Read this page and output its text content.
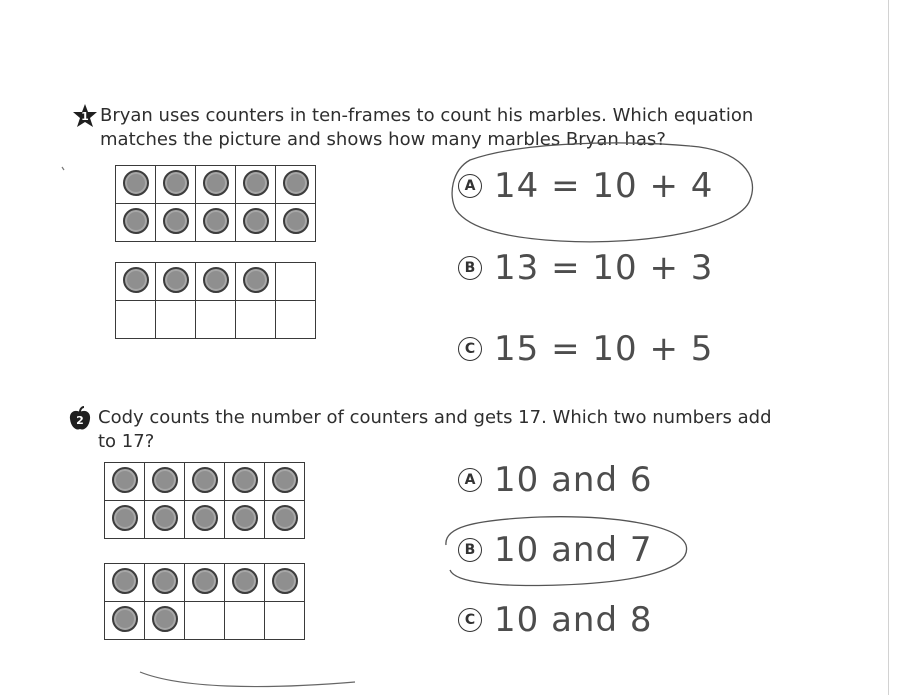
1 Bryan uses counters in ten-frames to count his marbles. Which equation
matches the picture and shows how many marbles Bryan has?

A 14 = 10 + 4
B 13 = 10 + 3
C 15 = 10 + 5
2 Cody counts the number of counters and gets 17. Which two numbers add
to 17?

A 10 and 6
B 10 and 7
C 10 and 8
